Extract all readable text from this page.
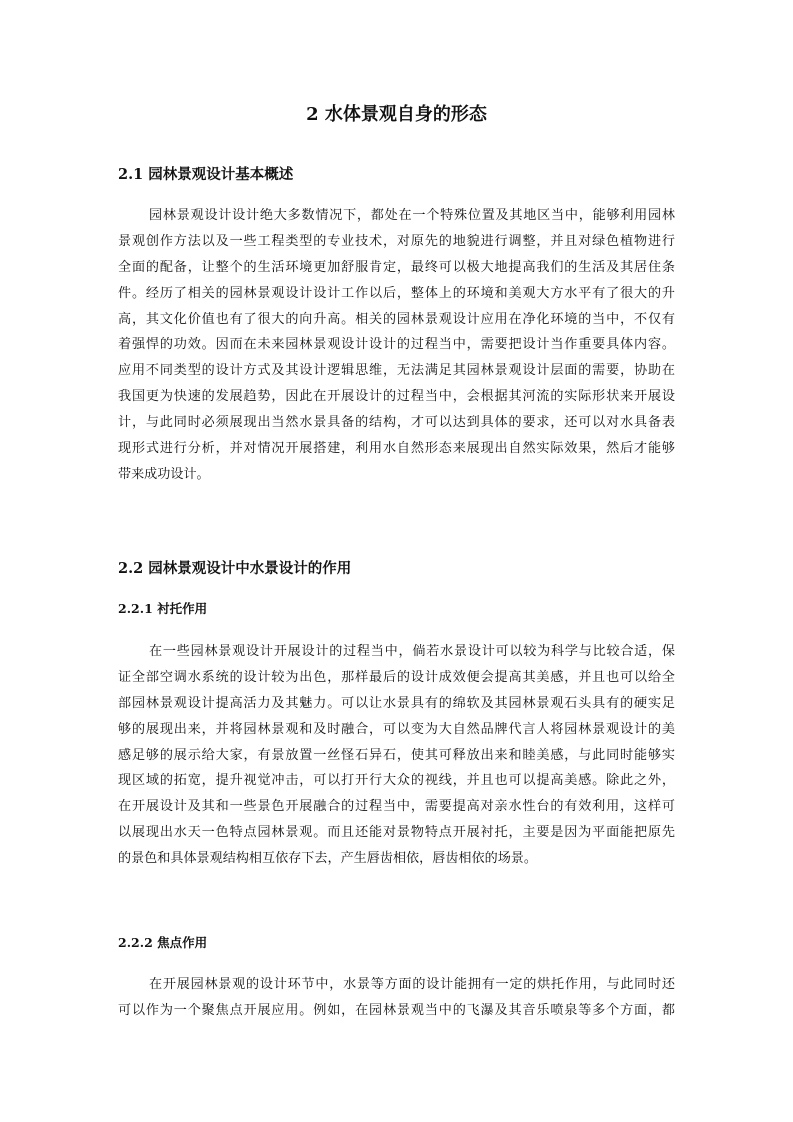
2 水体景观自身的形态
2.1 园林景观设计基本概述
园林景观设计设计绝大多数情况下，都处在一个特殊位置及其地区当中，能够利用园林
景观创作方法以及一些工程类型的专业技术，对原先的地貌进行调整，并且对绿色植物进行
全面的配备，让整个的生活环境更加舒服肯定，最终可以极大地提高我们的生活及其居住条
件。经历了相关的园林景观设计设计工作以后，整体上的环境和美观大方水平有了很大的升
高，其文化价值也有了很大的向升高。相关的园林景观设计应用在净化环境的当中，不仅有
着强悍的功效。因而在未来园林景观设计设计的过程当中，需要把设计当作重要具体内容。
应用不同类型的设计方式及其设计逻辑思维，无法满足其园林景观设计层面的需要，协助在
我国更为快速的发展趋势，因此在开展设计的过程当中，会根据其河流的实际形状来开展设
计，与此同时必须展现出当然水景具备的结构，才可以达到具体的要求，还可以对水具备表
现形式进行分析，并对情况开展搭建，利用水自然形态来展现出自然实际效果，然后才能够
带来成功设计。
2.2 园林景观设计中水景设计的作用
2.2.1 衬托作用
在一些园林景观设计开展设计的过程当中，倘若水景设计可以较为科学与比较合适，保
证全部空调水系统的设计较为出色，那样最后的设计成效便会提高其美感，并且也可以给全
部园林景观设计提高活力及其魅力。可以让水景具有的绵软及其园林景观石头具有的硬实足
够的展现出来，并将园林景观和及时融合，可以变为大自然品牌代言人将园林景观设计的美
感足够的展示给大家，有景放置一丝怪石异石，使其可释放出来和睦美感，与此同时能够实
现区域的拓宽，提升视觉冲击，可以打开行大众的视线，并且也可以提高美感。除此之外，
在开展设计及其和一些景色开展融合的过程当中，需要提高对亲水性台的有效利用，这样可
以展现出水天一色特点园林景观。而且还能对景物特点开展衬托，主要是因为平面能把原先
的景色和具体景观结构相互依存下去，产生唇齿相依，唇齿相依的场景。
2.2.2 焦点作用
在开展园林景观的设计环节中，水景等方面的设计能拥有一定的烘托作用，与此同时还
可以作为一个聚焦点开展应用。例如，在园林景观当中的飞瀑及其音乐喷泉等多个方面，都
